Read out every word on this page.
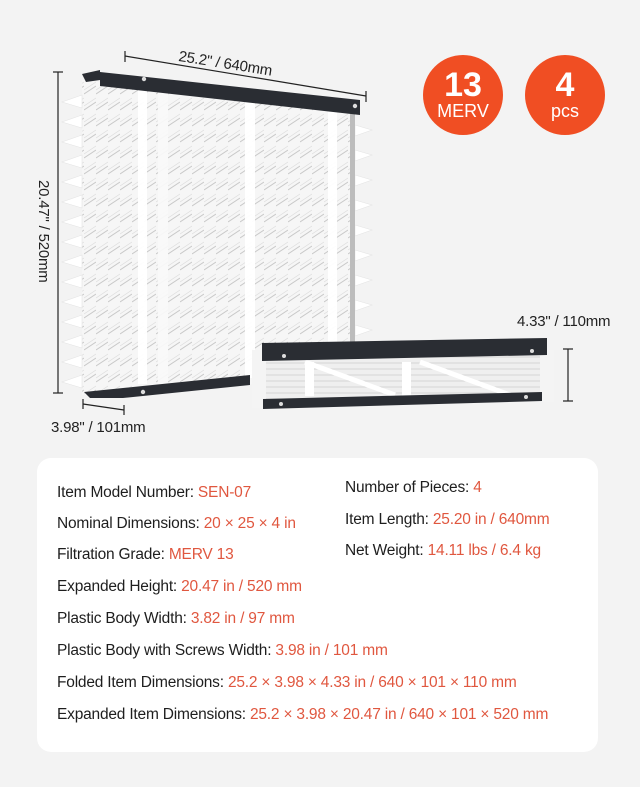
25.2" / 640mm
20.47" / 520mm
3.98" / 101mm
4.33" / 110mm
13
MERV
4
pcs
Item Model Number: SEN-07
Nominal Dimensions: 20 × 25 × 4 in
Filtration Grade: MERV 13
Expanded Height: 20.47 in / 520 mm
Plastic Body Width: 3.82 in / 97 mm
Plastic Body with Screws Width: 3.98 in / 101 mm
Folded Item Dimensions: 25.2 × 3.98 × 4.33 in / 640 × 101 × 110 mm
Expanded Item Dimensions: 25.2 × 3.98 × 20.47 in / 640 × 101 × 520 mm
Number of Pieces: 4
Item Length: 25.20 in / 640mm
Net Weight: 14.11 lbs / 6.4 kg
